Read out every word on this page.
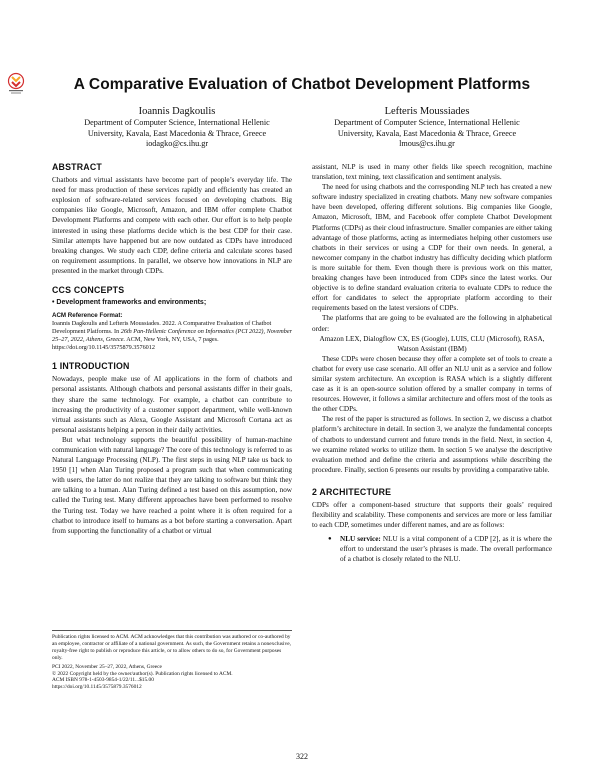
A Comparative Evaluation of Chatbot Development Platforms
Ioannis Dagkoulis
Department of Computer Science, International Hellenic
University, Kavala, East Macedonia & Thrace, Greece
iodagko@cs.ihu.gr
Lefteris Moussiades
Department of Computer Science, International Hellenic
University, Kavala, East Macedonia & Thrace, Greece
lmous@cs.ihu.gr
ABSTRACT

Chatbots and virtual assistants have become part of people’s everyday life. The need for mass production of these services rapidly and efficiently has created an explosion of software-related services focused on developing chatbots. Big companies like Google, Microsoft, Amazon, and IBM offer complete Chatbot Development Platforms and compete with each other. Our effort is to help people interested in using these platforms decide which is the best CDP for their case. Similar attempts have happened but are now outdated as CDPs have introduced breaking changes. We study each CDP, define criteria and calculate scores based on requirement assumptions. In parallel, we observe how innovations in NLP are presented in the market through CDPs.

CCS CONCEPTS
• Development frameworks and environments;
ACM Reference Format:
Ioannis Dagkoulis and Lefteris Moussiades. 2022. A Comparative Evaluation of Chatbot Development Platforms. In 26th Pan-Hellenic Conference on Informatics (PCI 2022), November 25–27, 2022, Athens, Greece. ACM, New York, NY, USA, 7 pages. https://doi.org/10.1145/3575879.3576012
1 INTRODUCTION

Nowadays, people make use of AI applications in the form of chatbots and personal assistants. Although chatbots and personal assistants differ in their goals, they share the same technology. For example, a chatbot can contribute to increasing the productivity of a customer support department, while well-known virtual assistants such as Alexa, Google Assistant and Microsoft Cortana act as personal assistants helping a person in their daily activities.

But what technology supports the beautiful possibility of human-machine communication with natural language? The core of this technology is referred to as Natural Language Processing (NLP). The first steps in using NLP take us back to 1950 [1] when Alan Turing proposed a program such that when communicating with users, the latter do not realize that they are talking to software but think they are talking to a human. Alan Turing defined a test based on this assumption, now called the Turing test. Many different approaches have been performed to resolve the Turing test. Today we have reached a point where it is often required for a chatbot to introduce itself to humans as a bot before starting a conversation. Apart from supporting the functionality of a chatbot or virtual

Publication rights licensed to ACM. ACM acknowledges that this contribution was authored or co-authored by an employee, contractor or affiliate of a national government. As such, the Government retains a nonexclusive, royalty-free right to publish or reproduce this article, or to allow others to do so, for Government purposes only.

PCI 2022, November 25–27, 2022, Athens, Greece

© 2022 Copyright held by the owner/author(s). Publication rights licensed to ACM.

ACM ISBN 978-1-4503-9854-1/22/11...$15.00

https://doi.org/10.1145/3575879.3576012

assistant, NLP is used in many other fields like speech recognition, machine translation, text mining, text classification and sentiment analysis.

The need for using chatbots and the corresponding NLP tech has created a new software industry specialized in creating chatbots. Many new software companies have been developed, offering different solutions. Big companies like Google, Amazon, Microsoft, IBM, and Facebook offer complete Chatbot Development Platforms (CDPs) as their cloud infrastructure. Smaller companies are either taking advantage of those platforms, acting as intermediates helping other customers use chatbots in their services or using a CDP for their own needs. In general, a newcomer company in the chatbot industry has difficulty deciding which platform is more suitable for them. Even though there is previous work on this matter, breaking changes have been introduced from CDPs since the latest works. Our objective is to define standard evaluation criteria to evaluate CDPs to reduce the effort for candidates to select the appropriate platform according to their requirements based on the latest versions of CDPs.

The platforms that are going to be evaluated are the following in alphabetical order:

Amazon LEX, Dialogflow CX, ES (Google), LUIS, CLU (Microsoft), RASA, Watson Assistant (IBM)

These CDPs were chosen because they offer a complete set of tools to create a chatbot for every use case scenario. All offer an NLU unit as a service and follow similar system architecture. An exception is RASA which is a slightly different case as it is an open-source solution offered by a smaller company in terms of resources. However, it follows a similar architecture and offers most of the tools as the other CDPs.

The rest of the paper is structured as follows. In section 2, we discuss a chatbot platform’s architecture in detail. In section 3, we analyze the fundamental concepts of chatbots to understand current and future trends in the field. Next, in section 4, we examine related works to utilize them. In section 5 we analyse the descriptive evaluation method and define the criteria and assumptions while describing the procedure. Finally, section 6 presents our results by providing a comparative table.

2 ARCHITECTURE

CDPs offer a component-based structure that supports their goals’ required flexibility and scalability. These components and services are more or less familiar to each CDP, sometimes under different names, and are as follows:

● NLU service: NLU is a vital component of a CDP [2], as it is where the effort to understand the user’s phrases is made. The overall performance of a chatbot is closely related to the NLU.
322
